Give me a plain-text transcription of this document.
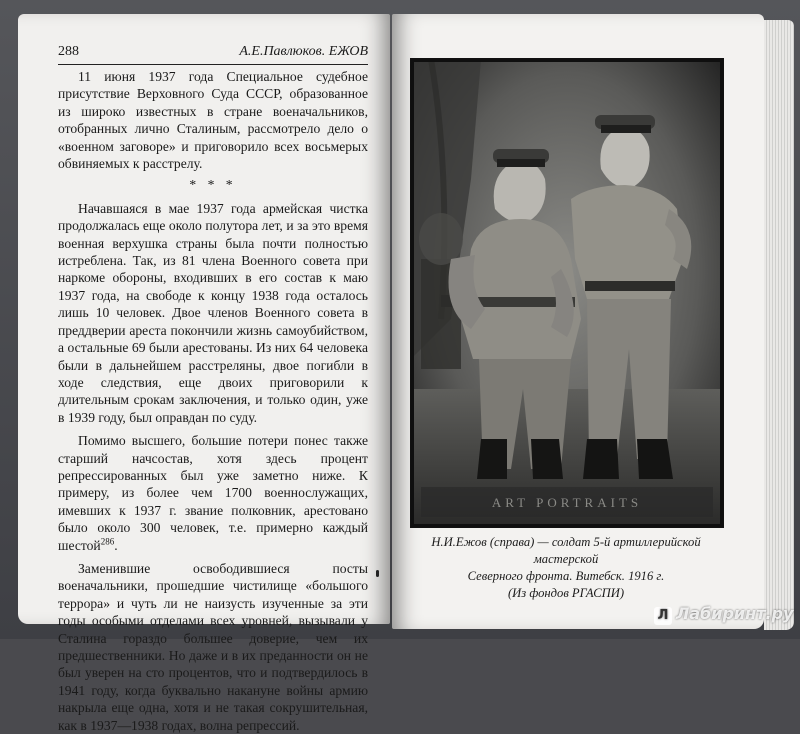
288	А.Е.Павлюков. ЕЖОВ

11 июня 1937 года Специальное судебное присутствие Верховного Суда СССР, образованное из широко известных в стране военачальников, отобранных лично Сталиным, рассмотрело дело о «военном заговоре» и приговорило всех восьмерых обвиняемых к расстрелу.

* * *

Начавшаяся в мае 1937 года армейская чистка продолжалась еще около полутора лет, и за это время военная верхушка страны была почти полностью истреблена. Так, из 81 члена Военного совета при наркоме обороны, входивших в его состав к маю 1937 года, на свободе к концу 1938 года осталось лишь 10 человек. Двое членов Военного совета в преддверии ареста покончили жизнь самоубийством, а остальные 69 были арестованы. Из них 64 человека были в дальнейшем расстреляны, двое погибли в ходе следствия, еще двоих приговорили к длительным срокам заключения, и только один, уже в 1939 году, был оправдан по суду.

Помимо высшего, большие потери понес также старший начсостав, хотя здесь процент репрессированных был уже заметно ниже. К примеру, из более чем 1700 военнослужащих, имевших к 1937 г. звание полковник, арестовано было около 300 человек, т.е. примерно каждый шестой$^{286}$.

Заменившие освободившиеся посты военачальники, прошедшие чистилище «большого террора» и чуть ли не наизусть изученные за эти годы особыми отделами всех уровней, вызывали у Сталина гораздо большее доверие, чем их предшественники. Но даже и в их преданности он не был уверен на сто процентов, что и подтвердилось в 1941 году, когда буквально накануне войны армию накрыла еще одна, хотя и не такая сокрушительная, как в 1937—1938 годах, волна репрессий.

ART PORTRAITS
Н.И.Ежов (справа) — солдат 5-й артиллерийской мастерской
Северного фронта. Витебск. 1916 г.
(Из фондов РГАСПИ)
Л Лабиринт.ру
